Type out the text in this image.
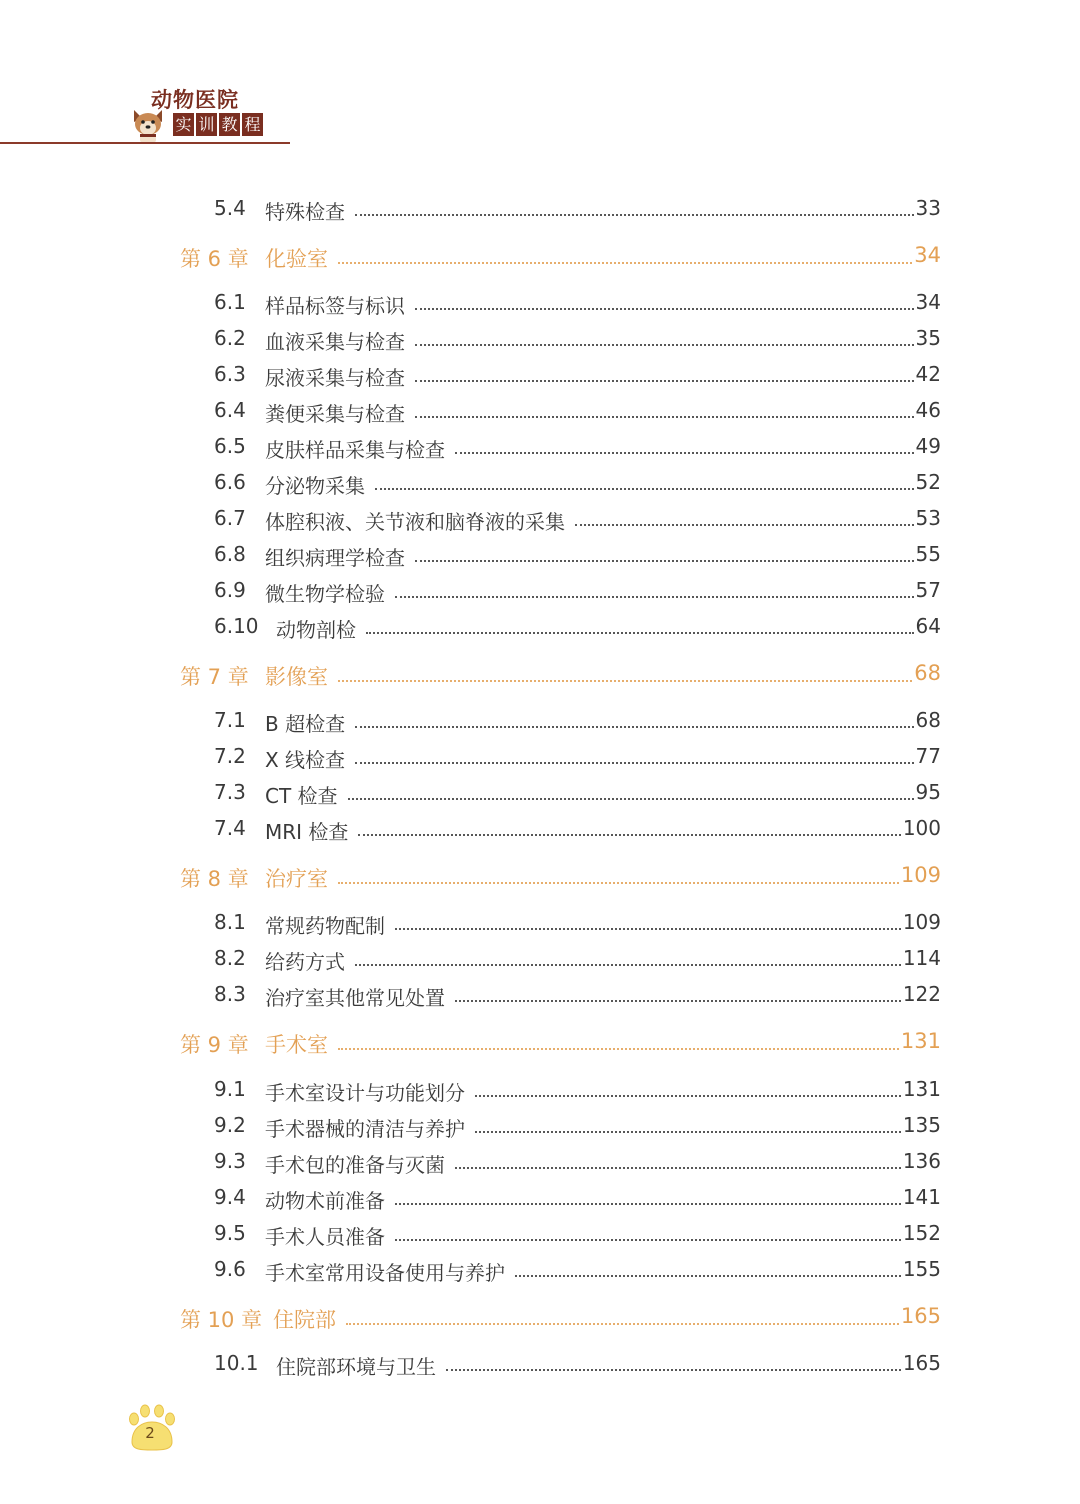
动物医院
实 训 教 程
5.4 特殊检查	33
第 6 章 化验室	34
6.1 样品标签与标识	34
6.2 血液采集与检查	35
6.3 尿液采集与检查	42
6.4 粪便采集与检查	46
6.5 皮肤样品采集与检查	49
6.6 分泌物采集	52
6.7 体腔积液、关节液和脑脊液的采集	53
6.8 组织病理学检查	55
6.9 微生物学检验	57
6.10 动物剖检	64
第 7 章 影像室	68
7.1 B 超检查	68
7.2 X 线检查	77
7.3 CT 检查	95
7.4 MRI 检查	100
第 8 章 治疗室	109
8.1 常规药物配制	109
8.2 给药方式	114
8.3 治疗室其他常见处置	122
第 9 章 手术室	131
9.1 手术室设计与功能划分	131
9.2 手术器械的清洁与养护	135
9.3 手术包的准备与灭菌	136
9.4 动物术前准备	141
9.5 手术人员准备	152
9.6 手术室常用设备使用与养护	155
第 10 章 住院部	165
10.1 住院部环境与卫生	165
2
